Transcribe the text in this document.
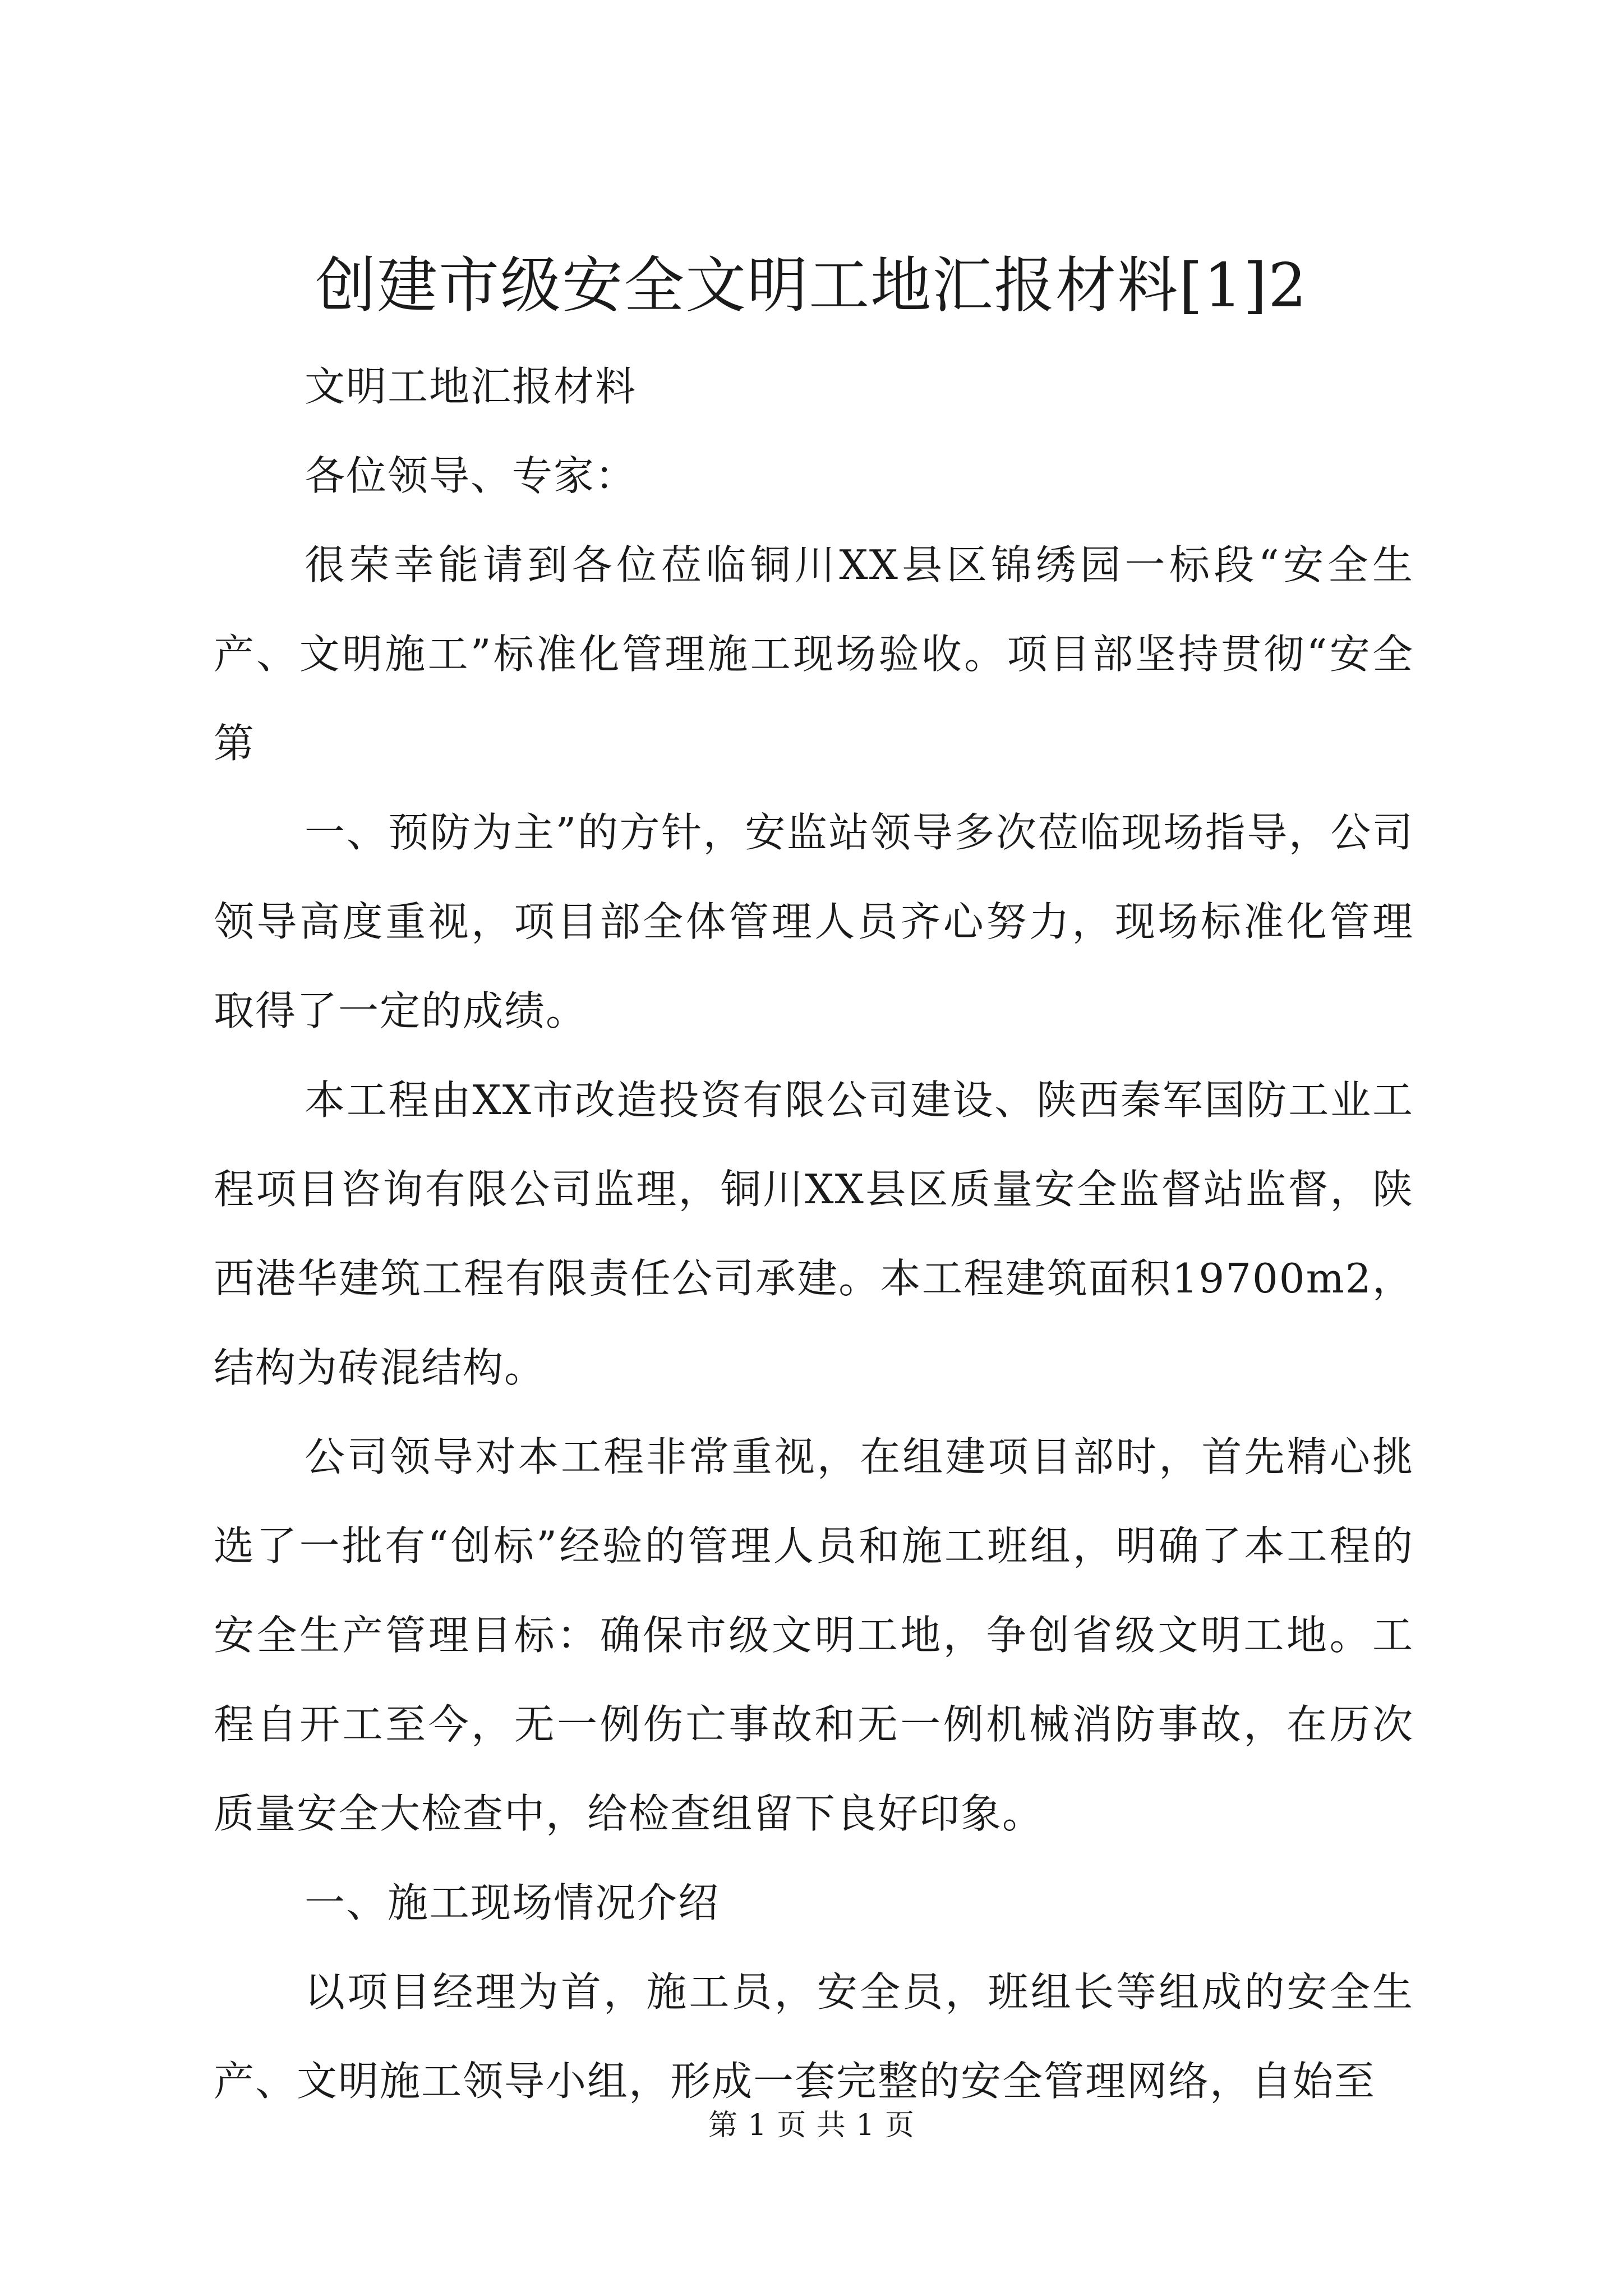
创建市级安全文明工地汇报材料[1]2

文明工地汇报材料

各位领导、专家：

很荣幸能请到各位莅临铜川XX县区锦绣园一标段“安全生产、文明施工”标准化管理施工现场验收。项目部坚持贯彻“安全第

一、预防为主”的方针，安监站领导多次莅临现场指导，公司领导高度重视，项目部全体管理人员齐心努力，现场标准化管理取得了一定的成绩。

本工程由XX市改造投资有限公司建设、陕西秦军国防工业工程项目咨询有限公司监理，铜川XX县区质量安全监督站监督，陕西港华建筑工程有限责任公司承建。本工程建筑面积19700m2，结构为砖混结构。

公司领导对本工程非常重视，在组建项目部时，首先精心挑选了一批有“创标”经验的管理人员和施工班组，明确了本工程的安全生产管理目标：确保市级文明工地，争创省级文明工地。工程自开工至今，无一例伤亡事故和无一例机械消防事故，在历次质量安全大检查中，给检查组留下良好印象。

一、施工现场情况介绍

以项目经理为首，施工员，安全员，班组长等组成的安全生产、文明施工领导小组，形成一套完整的安全管理网络，自始至

第 1 页 共 1 页
